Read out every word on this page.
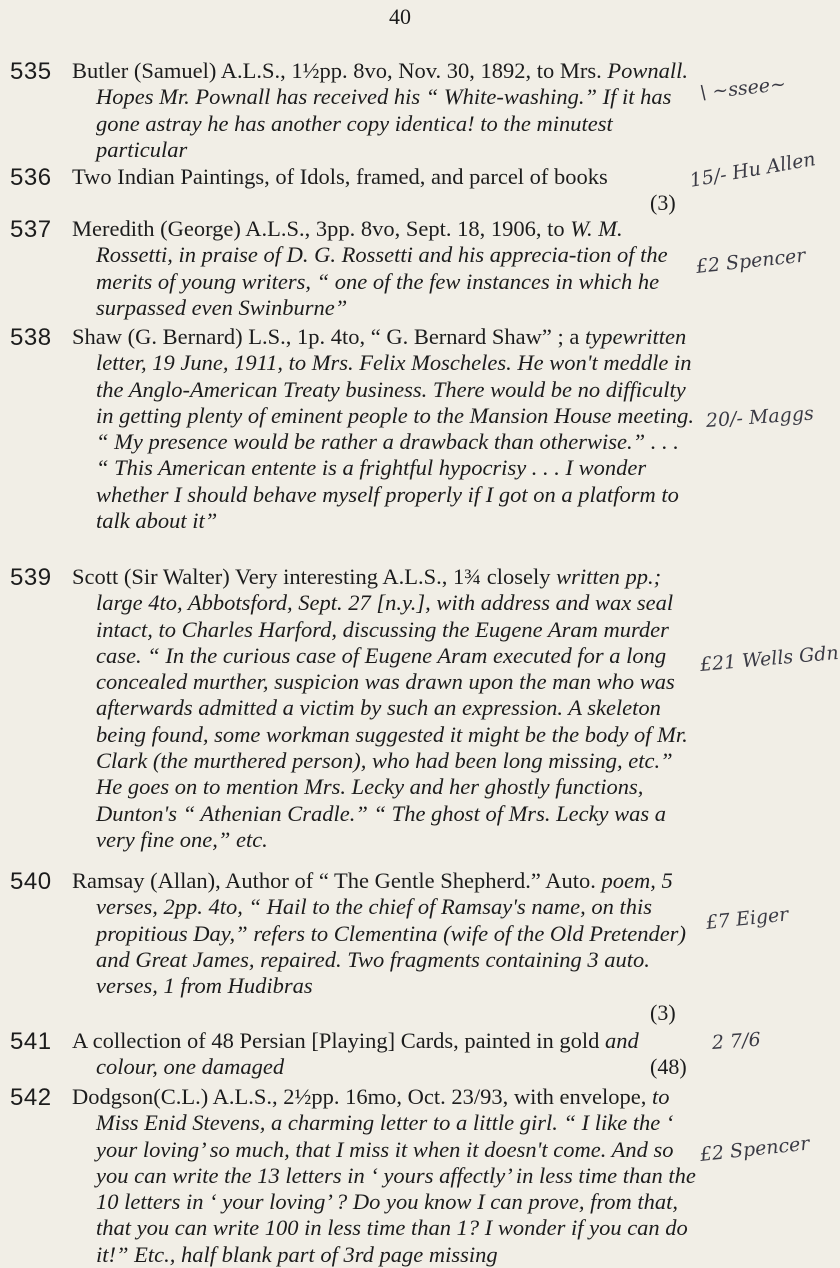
40
535 Butler (Samuel) A.L.S., 1½pp. 8vo, Nov. 30, 1892, to Mrs. Pownall. Hopes Mr. Pownall has received his “ White-washing.” If it has gone astray he has another copy identica! to the minutest particular
\ ~ssee~
536 Two Indian Paintings, of Idols, framed, and parcel of books
(3)
15/- Hu Allen
537 Meredith (George) A.L.S., 3pp. 8vo, Sept. 18, 1906, to W. M. Rossetti, in praise of D. G. Rossetti and his apprecia-tion of the merits of young writers, “ one of the few instances in which he surpassed even Swinburne”
£2 Spencer
538 Shaw (G. Bernard) L.S., 1p. 4to, “ G. Bernard Shaw” ; a typewritten letter, 19 June, 1911, to Mrs. Felix Moscheles. He won't meddle in the Anglo-American Treaty business. There would be no difficulty in getting plenty of eminent people to the Mansion House meeting. “ My presence would be rather a drawback than otherwise.” . . . “ This American entente is a frightful hypocrisy . . . I wonder whether I should behave myself properly if I got on a platform to talk about it”
20/- Maggs
539 Scott (Sir Walter) Very interesting A.L.S., 1¾ closely written pp.; large 4to, Abbotsford, Sept. 27 [n.y.], with address and wax seal intact, to Charles Harford, discussing the Eugene Aram murder case. “ In the curious case of Eugene Aram executed for a long concealed murther, suspicion was drawn upon the man who was afterwards admitted a victim by such an expression. A skeleton being found, some workman suggested it might be the body of Mr. Clark (the murthered person), who had been long missing, etc.” He goes on to mention Mrs. Lecky and her ghostly functions, Dunton's “ Athenian Cradle.” “ The ghost of Mrs. Lecky was a very fine one,” etc.
£21 Wells Gdn
540 Ramsay (Allan), Author of “ The Gentle Shepherd.” Auto. poem, 5 verses, 2pp. 4to, “ Hail to the chief of Ramsay's name, on this propitious Day,” refers to Clementina (wife of the Old Pretender) and Great James, repaired. Two fragments containing 3 auto. verses, 1 from Hudibras
(3)
£7 Eiger
541 A collection of 48 Persian [Playing] Cards, painted in gold and colour, one damaged	(48)
2 7/6
542 Dodgson(C.L.) A.L.S., 2½pp. 16mo, Oct. 23/93, with envelope, to Miss Enid Stevens, a charming letter to a little girl. “ I like the ‘ your loving’ so much, that I miss it when it doesn't come. And so you can write the 13 letters in ‘ yours affectly’ in less time than the 10 letters in ‘ your loving’ ? Do you know I can prove, from that, that you can write 100 in less time than 1? I wonder if you can do it!” Etc., half blank part of 3rd page missing
£2 Spencer
